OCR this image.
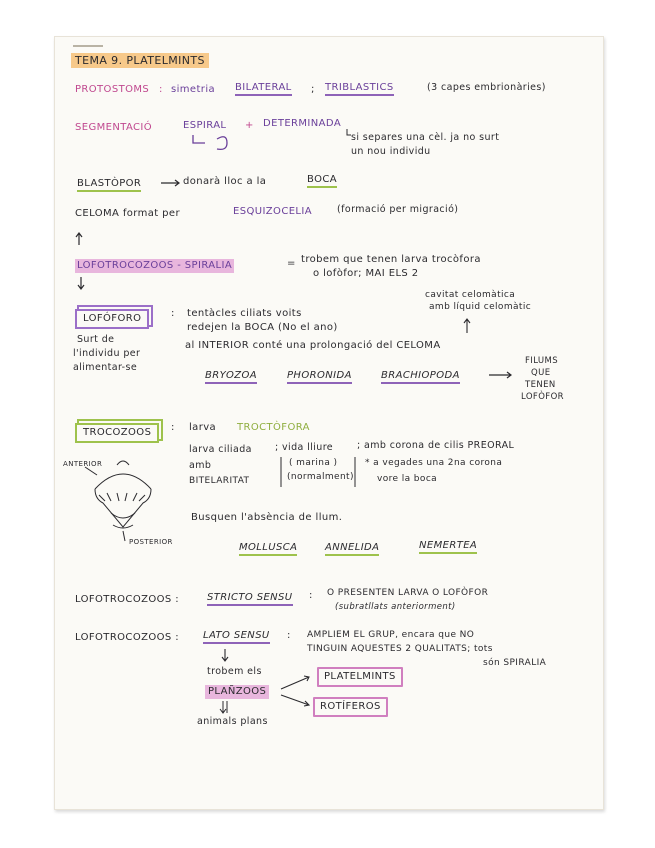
TEMA 9. PLATELMINTS
PROTOSTOMS : simetria BILATERAL ; TRIBLASTICS	(3 capes embrionàries)
SEGMENTACIÓ	ESPIRAL + DETERMINADA
si separes una cèl. ja no surt
un nou individu
BLASTÒPOR	donarà lloc a la	BOCA
CELOMA format per	ESQUIZOCELIA	(formació per migració)
LOFOTROCOZOOS - SPIRALIA	= trobem que tenen larva trocòfora
o lofòfor; MAI ELS 2
cavitat celomàtica
amb líquid celomàtic
LOFÓFORO	: tentàcles ciliats voits
redejen la BOCA (No el ano)
al INTERIOR conté una prolongació del CELOMA
Surt de
l'individu per
alimentar-se
BRYOZOA	PHORONIDA	BRACHIOPODA
FILUMS
QUE
TENEN
LOFÒFOR
TROCOZOOS	: larva TROCTÒFORA
larva ciliada ; vida lliure	; amb corona de cilis PREORAL
amb	( marina )	* a vegades una 2na corona
BITELARITAT	(normalment)	vore la boca
ANTERIOR
POSTERIOR
Busquen l'absència de llum.
MOLLUSCA	ANNELIDA	NEMERTEA
LOFOTROCOZOOS :	STRICTO SENSU : O PRESENTEN LARVA O LOFÒFOR
(subratllats anteriorment)
LOFOTROCOZOOS : LATO SENSU : AMPLIEM EL GRUP, encara que NO
TINGUIN AQUESTES 2 QUALITATS; tots
són SPIRALIA
trobem els
PLAÑZOOS
animals plans
PLATELMINTS
ROTÍFEROS
